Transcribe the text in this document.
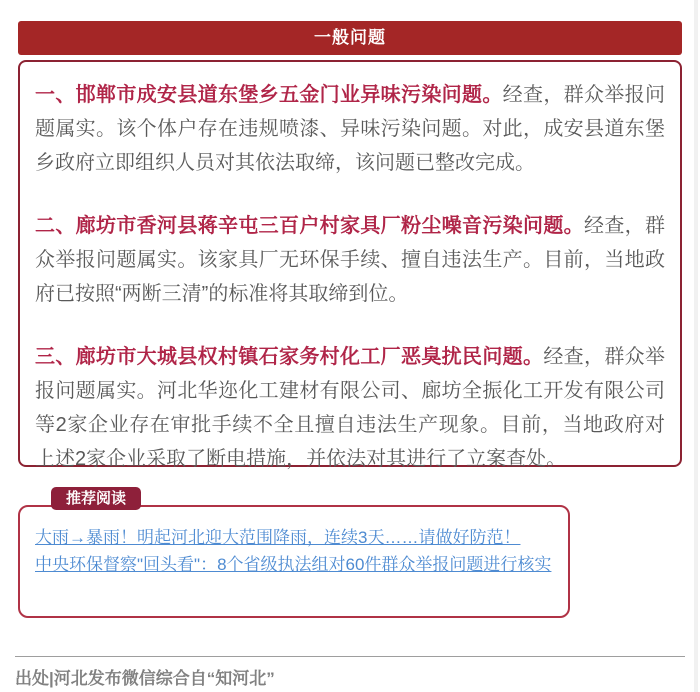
一般问题

一、邯郸市成安县道东堡乡五金门业异味污染问题。经查，群众举报问题属实。该个体户存在违规喷漆、异味污染问题。对此，成安县道东堡乡政府立即组织人员对其依法取缔，该问题已整改完成。

二、廊坊市香河县蒋辛屯三百户村家具厂粉尘噪音污染问题。经查，群众举报问题属实。该家具厂无环保手续、擅自违法生产。目前，当地政府已按照“两断三清”的标准将其取缔到位。

三、廊坊市大城县权村镇石家务村化工厂恶臭扰民问题。经查，群众举报问题属实。河北华迩化工建材有限公司、廊坊全振化工开发有限公司等2家企业存在审批手续不全且擅自违法生产现象。目前，当地政府对上述2家企业采取了断电措施，并依法对其进行了立案查处。

推荐阅读
大雨→暴雨！明起河北迎大范围降雨，连续3天……请做好防范！
中央环保督察"回头看"：8个省级执法组对60件群众举报问题进行核实
出处|河北发布微信综合自“知河北”
